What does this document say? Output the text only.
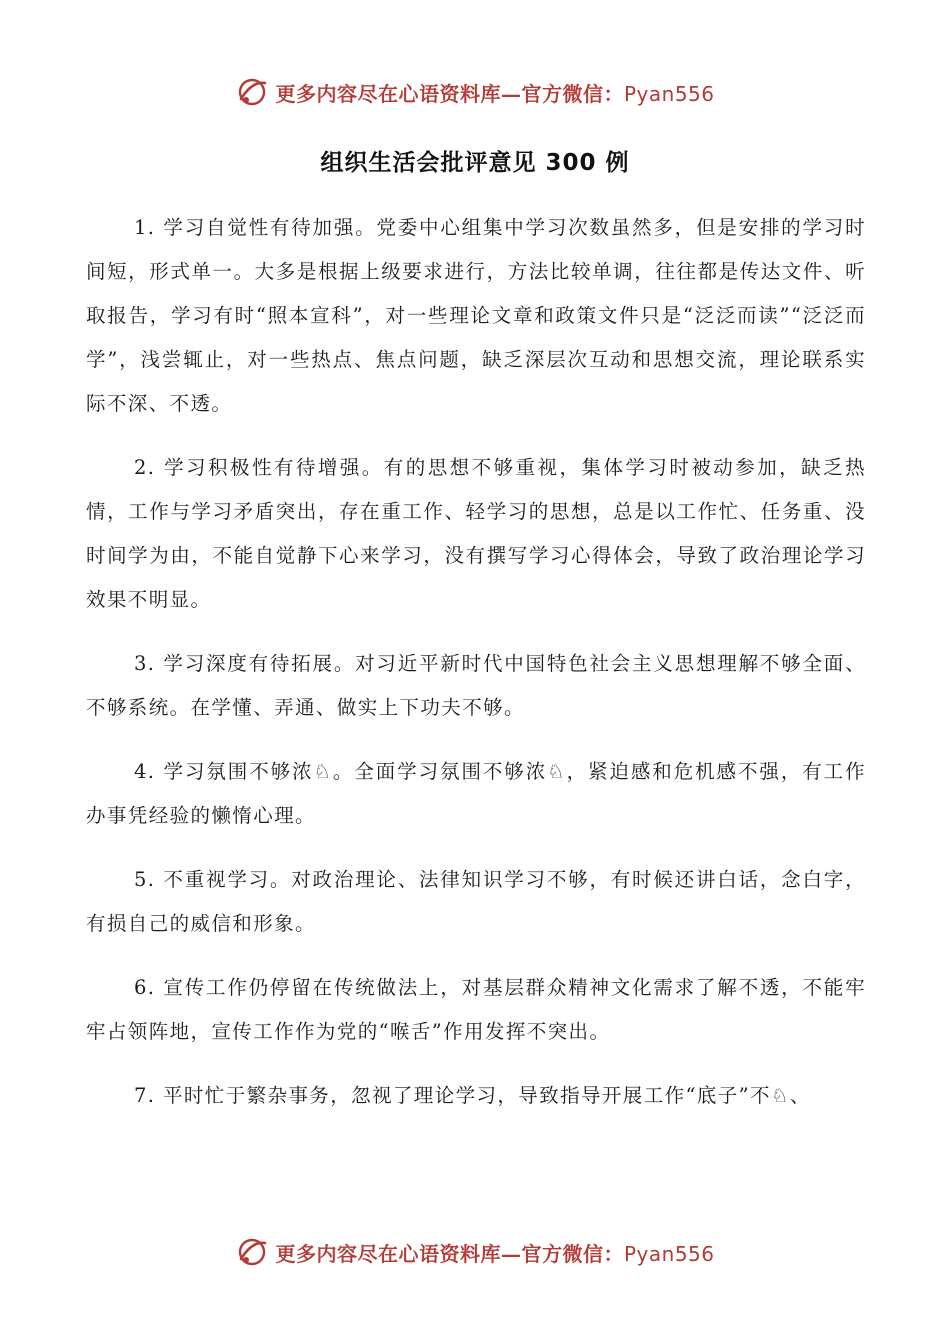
更多内容尽在心语资料库—官方微信：Pyan556
组织生活会批评意见 300 例

1. 学习自觉性有待加强。党委中心组集中学习次数虽然多，但是安排的学习时间短，形式单一。大多是根据上级要求进行，方法比较单调，往往都是传达文件、听取报告，学习有时“照本宣科”，对一些理论文章和政策文件只是“泛泛而读”“泛泛而学”，浅尝辄止，对一些热点、焦点问题，缺乏深层次互动和思想交流，理论联系实际不深、不透。

2. 学习积极性有待增强。有的思想不够重视，集体学习时被动参加，缺乏热情，工作与学习矛盾突出，存在重工作、轻学习的思想，总是以工作忙、任务重、没时间学为由，不能自觉静下心来学习，没有撰写学习心得体会，导致了政治理论学习效果不明显。

3. 学习深度有待拓展。对习近平新时代中国特色社会主义思想理解不够全面、不够系统。在学懂、弄通、做实上下功夫不够。

4. 学习氛围不够浓♘。全面学习氛围不够浓♘，紧迫感和危机感不强，有工作办事凭经验的懒惰心理。

5. 不重视学习。对政治理论、法律知识学习不够，有时候还讲白话，念白字，有损自己的威信和形象。

6. 宣传工作仍停留在传统做法上，对基层群众精神文化需求了解不透，不能牢牢占领阵地，宣传工作作为党的“喉舌”作用发挥不突出。

7. 平时忙于繁杂事务，忽视了理论学习，导致指导开展工作“底子”不♘、

更多内容尽在心语资料库—官方微信：Pyan556
